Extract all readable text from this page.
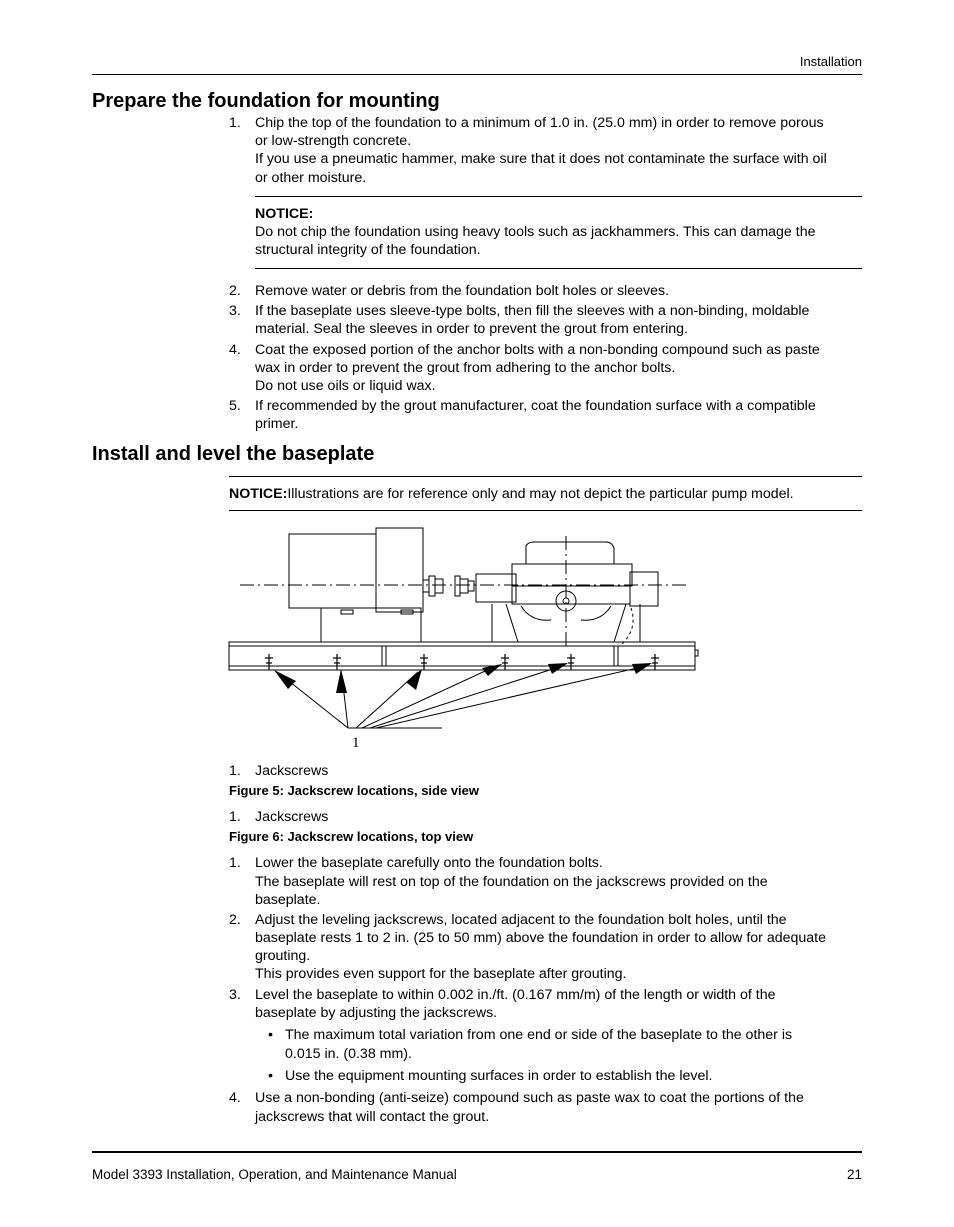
Installation
Prepare the foundation for mounting
1. Chip the top of the foundation to a minimum of 1.0 in. (25.0 mm) in order to remove porous
or low-strength concrete.
If you use a pneumatic hammer, make sure that it does not contaminate the surface with oil
or other moisture.
NOTICE:
Do not chip the foundation using heavy tools such as jackhammers. This can damage the
structural integrity of the foundation.
2. Remove water or debris from the foundation bolt holes or sleeves.
3. If the baseplate uses sleeve-type bolts, then fill the sleeves with a non-binding, moldable
material. Seal the sleeves in order to prevent the grout from entering.
4. Coat the exposed portion of the anchor bolts with a non-bonding compound such as paste
wax in order to prevent the grout from adhering to the anchor bolts.
Do not use oils or liquid wax.
5. If recommended by the grout manufacturer, coat the foundation surface with a compatible
primer.
Install and level the baseplate
NOTICE:Illustrations are for reference only and may not depict the particular pump model.
1
1. Jackscrews
Figure 5: Jackscrew locations, side view
1. Jackscrews
Figure 6: Jackscrew locations, top view
1. Lower the baseplate carefully onto the foundation bolts.
The baseplate will rest on top of the foundation on the jackscrews provided on the
baseplate.
2. Adjust the leveling jackscrews, located adjacent to the foundation bolt holes, until the
baseplate rests 1 to 2 in. (25 to 50 mm) above the foundation in order to allow for adequate
grouting.
This provides even support for the baseplate after grouting.
3. Level the baseplate to within 0.002 in./ft. (0.167 mm/m) of the length or width of the
baseplate by adjusting the jackscrews.
• The maximum total variation from one end or side of the baseplate to the other is
0.015 in. (0.38 mm).
• Use the equipment mounting surfaces in order to establish the level.
4. Use a non-bonding (anti-seize) compound such as paste wax to coat the portions of the
jackscrews that will contact the grout.
Model 3393 Installation, Operation, and Maintenance Manual	21
